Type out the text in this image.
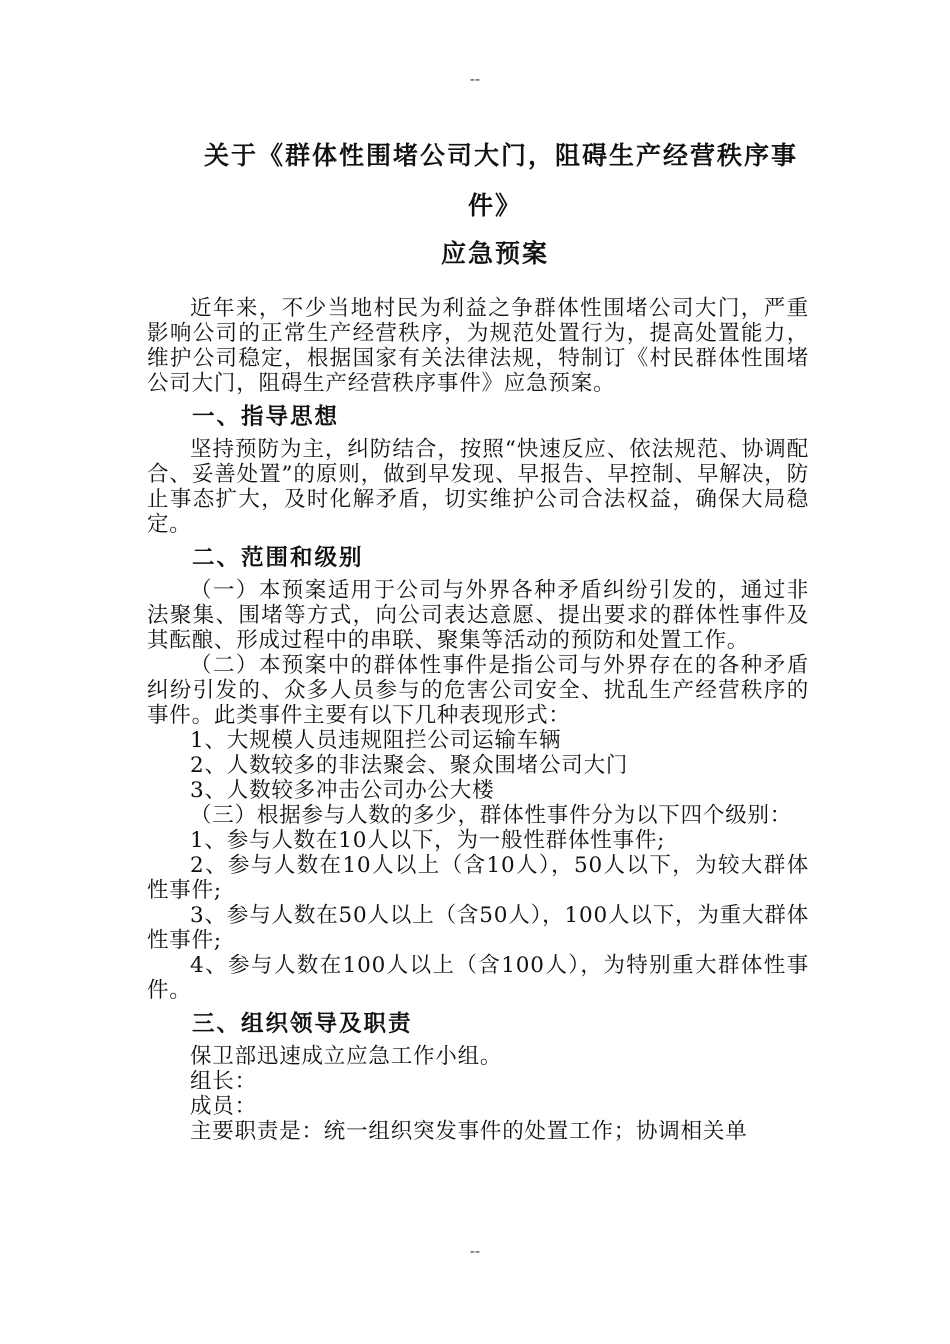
--
关于《群体性围堵公司大门，阻碍生产经营秩序事
件》
应急预案

近年来，不少当地村民为利益之争群体性围堵公司大门，严重影响公司的正常生产经营秩序，为规范处置行为，提高处置能力，维护公司稳定，根据国家有关法律法规，特制订《村民群体性围堵公司大门，阻碍生产经营秩序事件》应急预案。

一、指导思想

坚持预防为主，纠防结合，按照“快速反应、依法规范、协调配合、妥善处置”的原则，做到早发现、早报告、早控制、早解决，防止事态扩大，及时化解矛盾，切实维护公司合法权益，确保大局稳定。

二、范围和级别

（一）本预案适用于公司与外界各种矛盾纠纷引发的，通过非法聚集、围堵等方式，向公司表达意愿、提出要求的群体性事件及其酝酿、形成过程中的串联、聚集等活动的预防和处置工作。

（二）本预案中的群体性事件是指公司与外界存在的各种矛盾纠纷引发的、众多人员参与的危害公司安全、扰乱生产经营秩序的事件。此类事件主要有以下几种表现形式：

1、大规模人员违规阻拦公司运输车辆

2、人数较多的非法聚会、聚众围堵公司大门

3、人数较多冲击公司办公大楼

（三）根据参与人数的多少，群体性事件分为以下四个级别：

1、参与人数在10人以下，为一般性群体性事件;

2、参与人数在10人以上（含10人），50人以下，为较大群体性事件;

3、参与人数在50人以上（含50人），100人以下，为重大群体性事件;

4、参与人数在100人以上（含100人），为特别重大群体性事件。

三、组织领导及职责

保卫部迅速成立应急工作小组。

组长：

成员：

主要职责是：统一组织突发事件的处置工作；协调相关单

--
